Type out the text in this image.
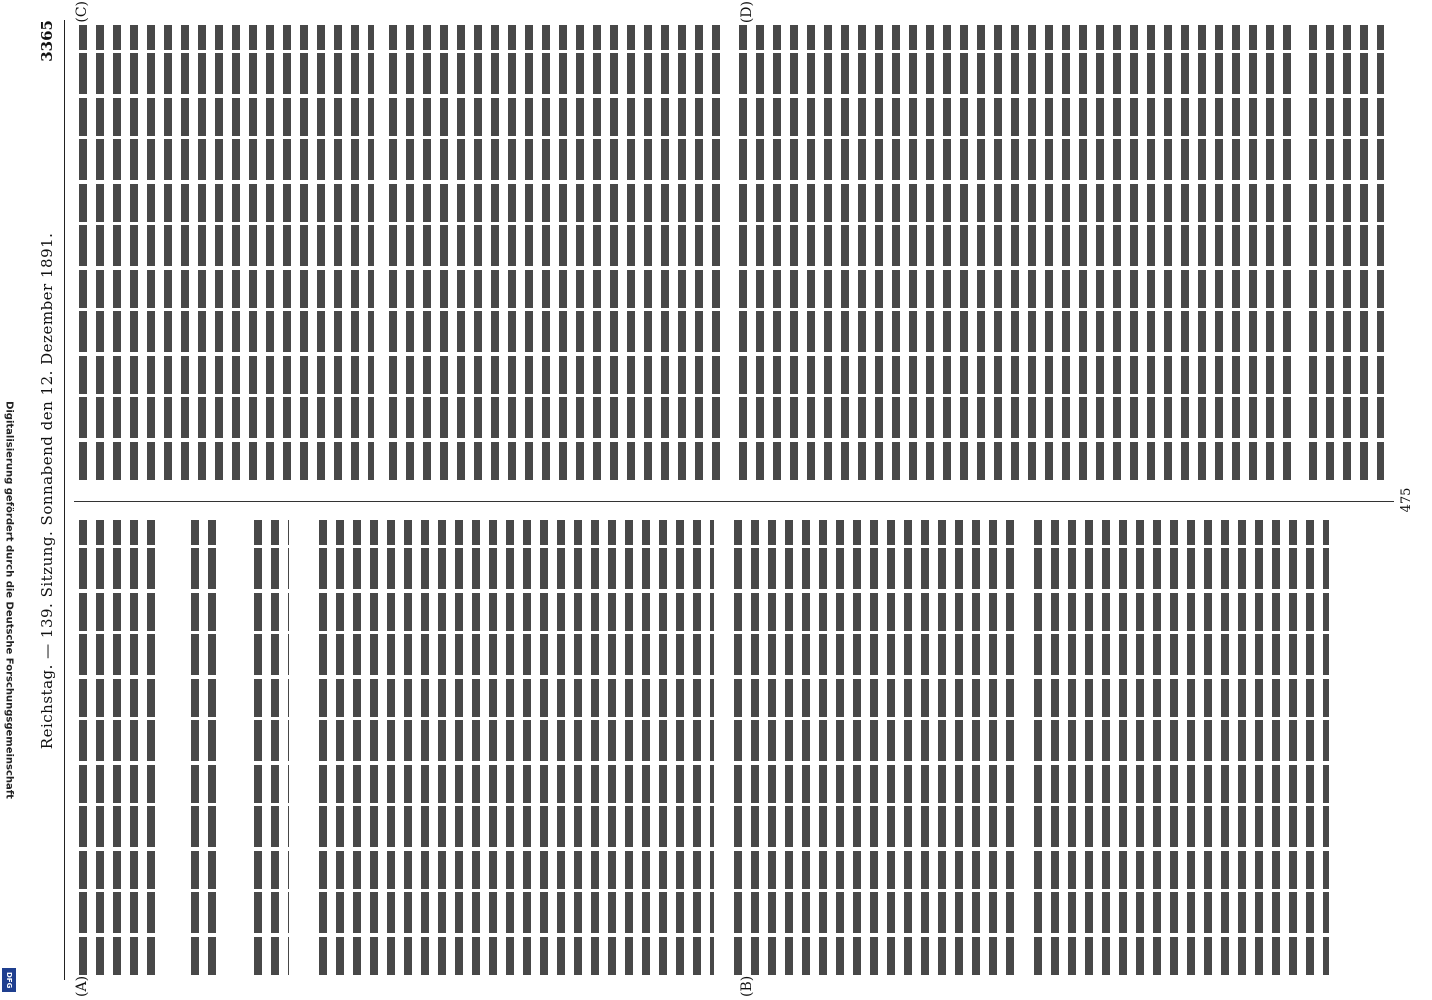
Digitalisierung gefördert durch die Deutsche Forschungsgemeinschaft
DFG
Reichstag. — 139. Sitzung. Sonnabend den 12. Dezember 1891.
3365
(A)	(B)
(C)	(D)
475
